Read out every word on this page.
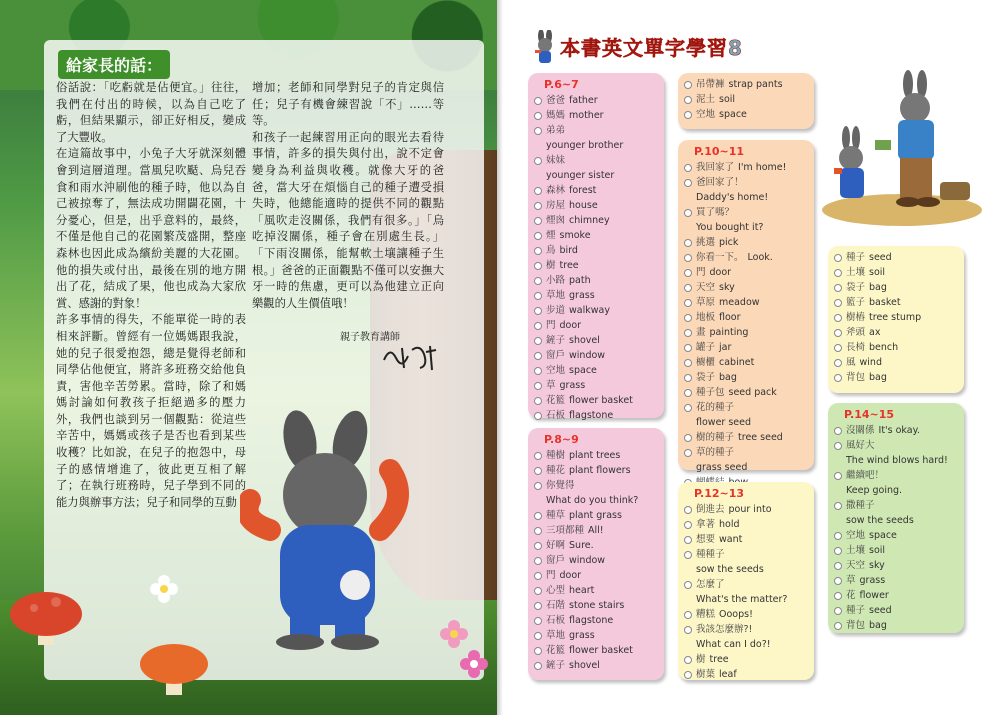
給家長的話：

俗話說：「吃虧就是佔便宜。」往往，我們在付出的時候，以為自己吃了虧，但結果顯示，卻正好相反，變成了大豐收。

在這篇故事中，小兔子大牙就深刻體會到這層道理。當風兒吹颳、烏兒吞食和雨水沖刷他的種子時，他以為自己被掠奪了，無法成功開闢花園，十分憂心，但是，出乎意料的，最終，不僅是他自己的花園繁茂盛開，整座森林也因此成為繽紛美麗的大花園。他的損失或付出，最後在別的地方開出了花，結成了果，他也成為大家欣賞、感謝的對象！

許多事情的得失，不能單從一時的表相來評斷。曾經有一位媽媽跟我說，她的兒子很愛抱怨，總是覺得老師和同學佔他便宜，將許多班務交給他負責，害他辛苦勞累。當時，除了和媽媽討論如何教孩子拒絕過多的壓力外，我們也談到另一個觀點：從這些辛苦中，媽媽或孩子是否也看到某些收穫？比如說，在兒子的抱怨中，母子的感情增進了，彼此更互相了解了；在執行班務時，兒子學到不同的能力與辦事方法；兒子和同學的互動

增加；老師和同學對兒子的肯定與信任；兒子有機會練習說「不」……等等。

和孩子一起練習用正向的眼光去看待事情，許多的損失與付出，說不定會變身為利益與收穫。就像大牙的爸爸，當大牙在煩惱自己的種子遭受損失時，他總能適時的提供不同的觀點「風吹走沒關係，我們有很多。」「烏吃掉沒關係，種子會在別處生長。」「下雨沒關係，能幫軟土壤讓種子生根。」爸爸的正面觀點不僅可以安撫大牙一時的焦慮，更可以為他建立正向樂觀的人生價值哦！

親子教育講師
本書英文單字學習8
P.6~7
爸爸 father
媽媽 mother
弟弟
younger brother
妹妹
younger sister
森林 forest
房屋 house
煙囪 chimney
煙 smoke
鳥 bird
樹 tree
小路 path
草地 grass
步道 walkway
門 door
鏟子 shovel
窗戶 window
空地 space
草 grass
花籃 flower basket
石板 flagstone
P.8~9
種樹 plant trees
種花 plant flowers
你覺得
What do you think?
種草 plant grass
三項都種 All!
好啊 Sure.
窗戶 window
門 door
心型 heart
石階 stone stairs
石板 flagstone
草地 grass
花籃 flower basket
鏟子 shovel
吊帶褲 strap pants
泥土 soil
空地 space
P.10~11
我回家了 I'm home!
爸回家了！
Daddy's home!
買了嗎？
You bought it?
挑選 pick
你看一下。 Look.
門 door
天空 sky
草原 meadow
地板 floor
畫 painting
罐子 jar
櫥櫃 cabinet
袋子 bag
種子包 seed pack
花的種子
flower seed
樹的種子 tree seed
草的種子
grass seed
P.12~13
倒進去 pour into
拿著 hold
想要 want
種種子
sow the seeds
怎麼了
What's the matter?
糟糕 Ooops!
我該怎麼辦?!
What can I do?!
樹 tree
樹葉 leaf
種子 seed
土壤 soil
袋子 bag
籃子 basket
樹樁 tree stump
斧頭 ax
長椅 bench
風 wind
背包 bag
P.14~15
沒關係 It's okay.
風好大
The wind blows hard!
繼續吧！
Keep going.
撒種子
sow the seeds
空地 space
土壤 soil
天空 sky
草 grass
花 flower
種子 seed
背包 bag
